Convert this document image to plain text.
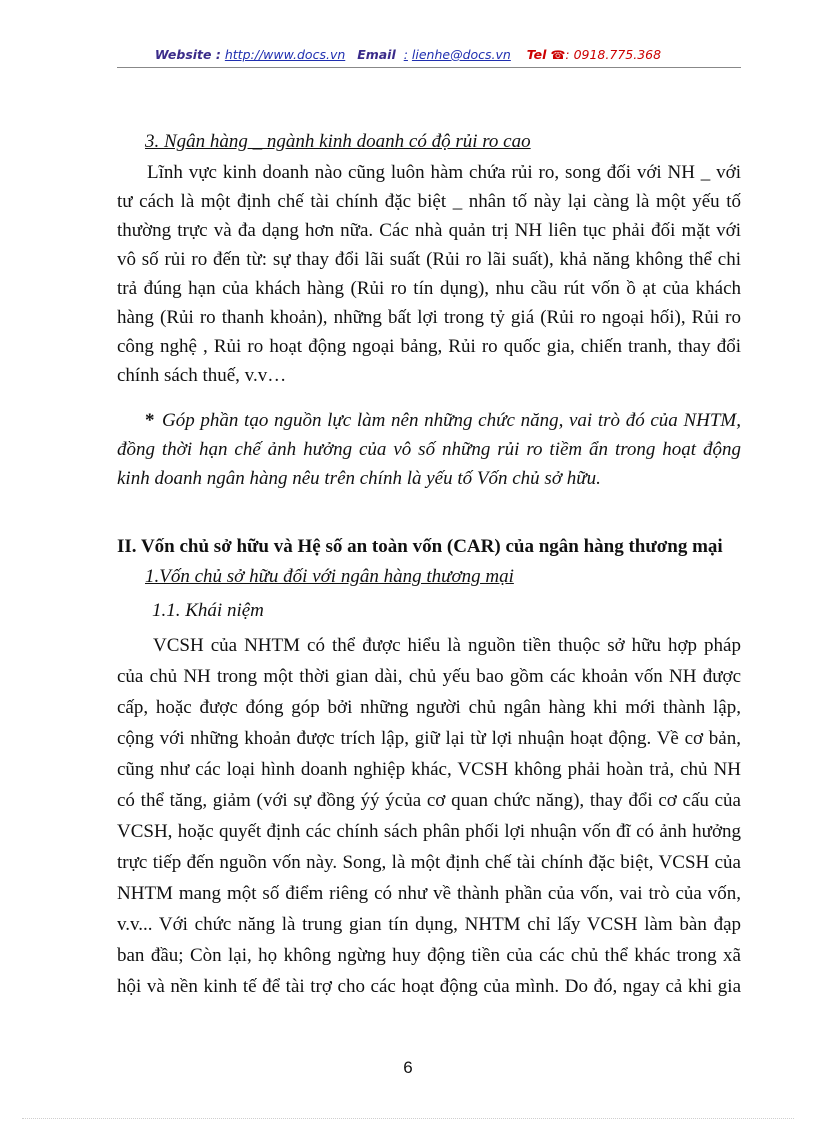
Website : http://www.docs.vn Email : lienhe@docs.vn Tel ☎: 0918.775.368
3. Ngân hàng _ ngành kinh doanh có độ rủi ro cao
Lĩnh vực kinh doanh nào cũng luôn hàm chứa rủi ro, song đối với NH _ với
tư cách là một định chế tài chính đặc biệt _ nhân tố này lại càng là một yếu tố
thường trực và đa dạng hơn nữa. Các nhà quản trị NH liên tục phải đối mặt với
vô số rủi ro đến từ: sự thay đổi lãi suất (Rủi ro lãi suất), khả năng không thể chi
trả đúng hạn của khách hàng (Rủi ro tín dụng), nhu cầu rút vốn ồ ạt của khách
hàng (Rủi ro thanh khoản), những bất lợi trong tỷ giá (Rủi ro ngoại hối), Rủi ro
công nghệ , Rủi ro hoạt động ngoại bảng, Rủi ro quốc gia, chiến tranh, thay đổi
chính sách thuế, v.v…
* Góp phần tạo nguồn lực làm nên những chức năng, vai trò đó của NHTM,
đồng thời hạn chế ảnh hưởng của vô số những rủi ro tiềm ẩn trong hoạt động
kinh doanh ngân hàng nêu trên chính là yếu tố Vốn chủ sở hữu.
II. Vốn chủ sở hữu và Hệ số an toàn vốn (CAR) của ngân hàng thương mại
1.Vốn chủ sở hữu đối với ngân hàng thương mại
1.1. Khái niệm
VCSH của NHTM có thể được hiểu là nguồn tiền thuộc sở hữu hợp pháp
của chủ NH trong một thời gian dài, chủ yếu bao gồm các khoản vốn NH được
cấp, hoặc được đóng góp bởi những người chủ ngân hàng khi mới thành lập,
cộng với những khoản được trích lập, giữ lại từ lợi nhuận hoạt động. Về cơ bản,
cũng như các loại hình doanh nghiệp khác, VCSH không phải hoàn trả, chủ NH
có thể tăng, giảm (với sự đồng ýý ýcủa cơ quan chức năng), thay đổi cơ cấu của
VCSH, hoặc quyết định các chính sách phân phối lợi nhuận vốn đĩ có ảnh hưởng
trực tiếp đến nguồn vốn này. Song, là một định chế tài chính đặc biệt, VCSH của
NHTM mang một số điểm riêng có như về thành phần của vốn, vai trò của vốn,
v.v... Với chức năng là trung gian tín dụng, NHTM chỉ lấy VCSH làm bàn đạp
ban đầu; Còn lại, họ không ngừng huy động tiền của các chủ thể khác trong xã
hội và nền kinh tế để tài trợ cho các hoạt động của mình. Do đó, ngay cả khi gia
6
